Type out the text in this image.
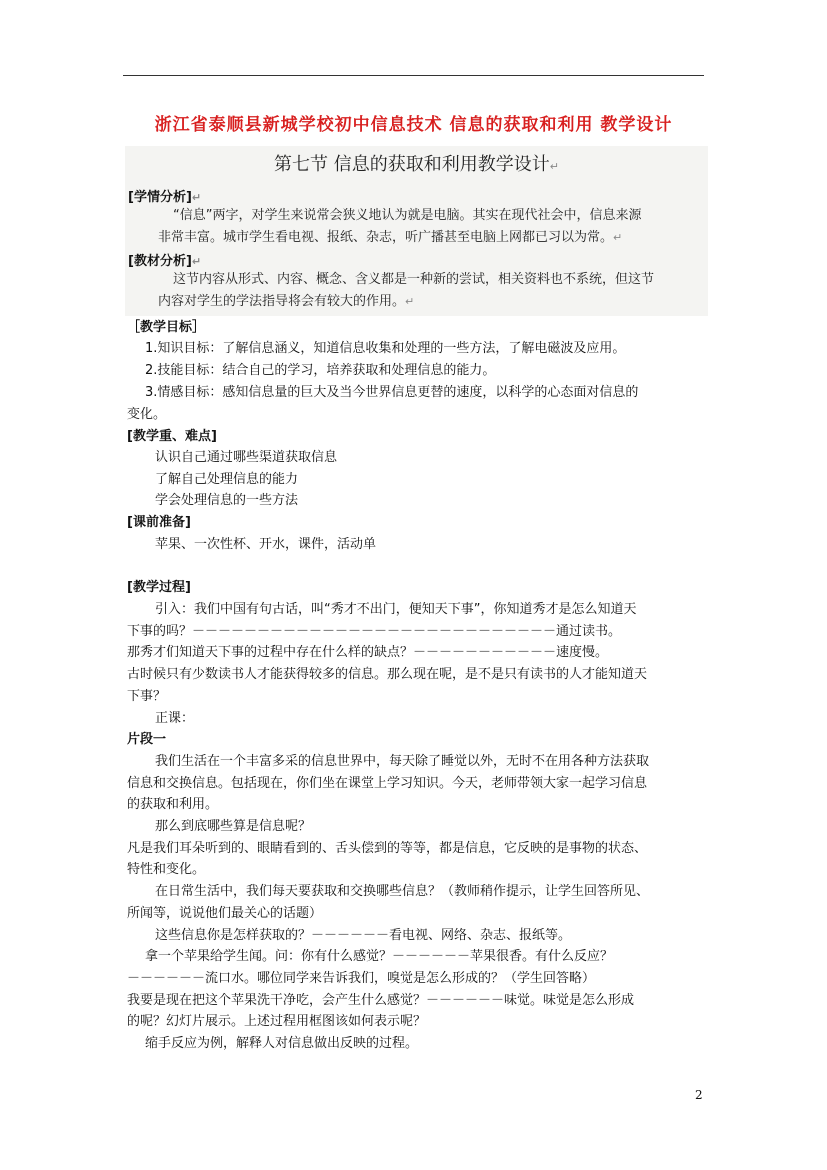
浙江省泰顺县新城学校初中信息技术 信息的获取和利用 教学设计
第七节 信息的获取和利用教学设计↵
[学情分析]↵
“信息”两字，对学生来说常会狭义地认为就是电脑。其实在现代社会中，信息来源
非常丰富。城市学生看电视、报纸、杂志，听广播甚至电脑上网都已习以为常。↵
[教材分析]↵
这节内容从形式、内容、概念、含义都是一种新的尝试，相关资料也不系统，但这节
内容对学生的学法指导将会有较大的作用。↵
［教学目标］
1.知识目标：了解信息涵义，知道信息收集和处理的一些方法，了解电磁波及应用。
2.技能目标：结合自己的学习，培养获取和处理信息的能力。
3.情感目标：感知信息量的巨大及当今世界信息更替的速度，以科学的心态面对信息的
变化。
[教学重、难点]
认识自己通过哪些渠道获取信息
了解自己处理信息的能力
学会处理信息的一些方法
[课前准备]
苹果、一次性杯、开水，课件，活动单
[教学过程]
引入：我们中国有句古话，叫“秀才不出门，便知天下事”，你知道秀才是怎么知道天
下事的吗？－－－－－－－－－－－－－－－－－－－－－－－－－－－－通过读书。
那秀才们知道天下事的过程中存在什么样的缺点？－－－－－－－－－－－速度慢。
古时候只有少数读书人才能获得较多的信息。那么现在呢，是不是只有读书的人才能知道天
下事？
正课：
片段一
我们生活在一个丰富多采的信息世界中，每天除了睡觉以外，无时不在用各种方法获取
信息和交换信息。包括现在，你们坐在课堂上学习知识。今天，老师带领大家一起学习信息
的获取和利用。
那么到底哪些算是信息呢？
凡是我们耳朵听到的、眼睛看到的、舌头偿到的等等，都是信息，它反映的是事物的状态、
特性和变化。
在日常生活中，我们每天要获取和交换哪些信息？（教师稍作提示，让学生回答所见、
所闻等，说说他们最关心的话题）
这些信息你是怎样获取的？－－－－－－看电视、网络、杂志、报纸等。
拿一个苹果给学生闻。问：你有什么感觉？－－－－－－苹果很香。有什么反应？
－－－－－－流口水。哪位同学来告诉我们，嗅觉是怎么形成的？（学生回答略）
我要是现在把这个苹果洗干净吃，会产生什么感觉？－－－－－－味觉。味觉是怎么形成
的呢？幻灯片展示。上述过程用框图该如何表示呢？
缩手反应为例，解释人对信息做出反映的过程。
2
